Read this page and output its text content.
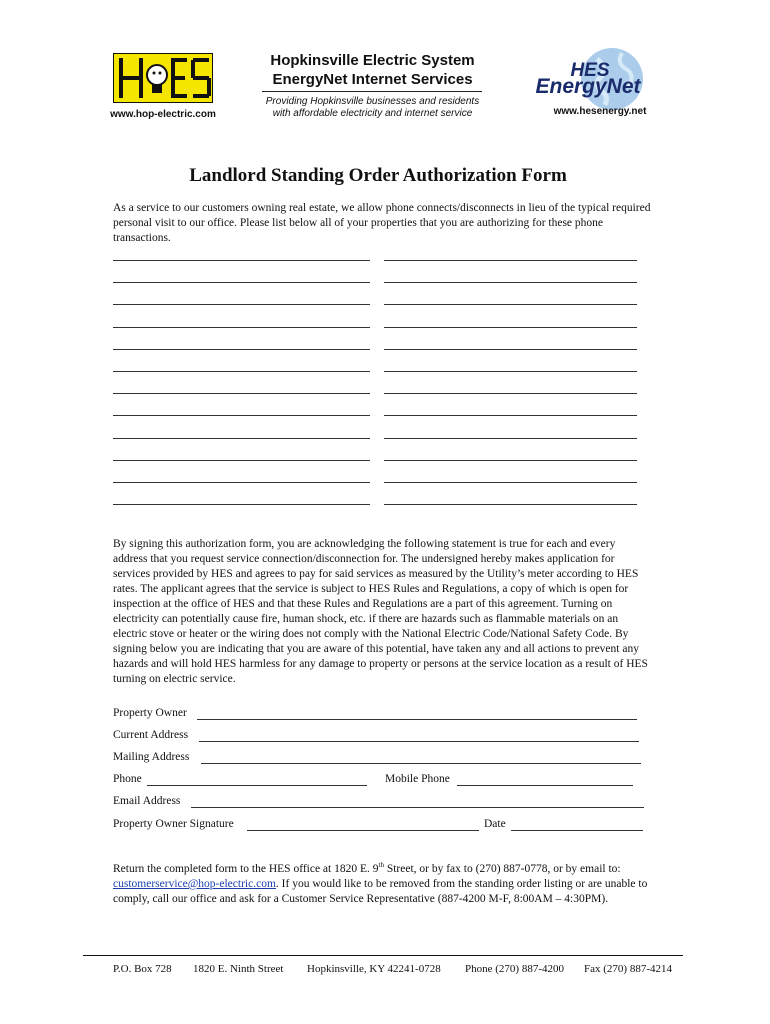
www.hop-electric.com
Hopkinsville Electric System
EnergyNet Internet Services
Providing Hopkinsville businesses and residents
with affordable electricity and internet service
HES
EnergyNet
www.hesenergy.net
Landlord Standing Order Authorization Form
As a service to our customers owning real estate, we allow phone connects/disconnects in lieu of the typical required personal visit to our office. Please list below all of your properties that you are authorizing for these phone transactions.
By signing this authorization form, you are acknowledging the following statement is true for each and every address that you request service connection/disconnection for. The undersigned hereby makes application for services provided by HES and agrees to pay for said services as measured by the Utility’s meter according to HES rates. The applicant agrees that the service is subject to HES Rules and Regulations, a copy of which is open for inspection at the office of HES and that these Rules and Regulations are a part of this agreement. Turning on electricity can potentially cause fire, human shock, etc. if there are hazards such as flammable materials on an electric stove or heater or the wiring does not comply with the National Electric Code/National Safety Code. By signing below you are indicating that you are aware of this potential, have taken any and all actions to prevent any hazards and will hold HES harmless for any damage to property or persons at the service location as a result of HES turning on electric service.
Property Owner
Current Address
Mailing Address
Phone	Mobile Phone
Email Address
Property Owner Signature	Date
Return the completed form to the HES office at 1820 E. 9th Street, or by fax to (270) 887-0778, or by email to: customerservice@hop-electric.com. If you would like to be removed from the standing order listing or are unable to comply, call our office and ask for a Customer Service Representative (887-4200 M-F, 8:00AM – 4:30PM).
P.O. Box 728 1820 E. Ninth Street Hopkinsville, KY 42241-0728 Phone (270) 887-4200 Fax (270) 887-4214
